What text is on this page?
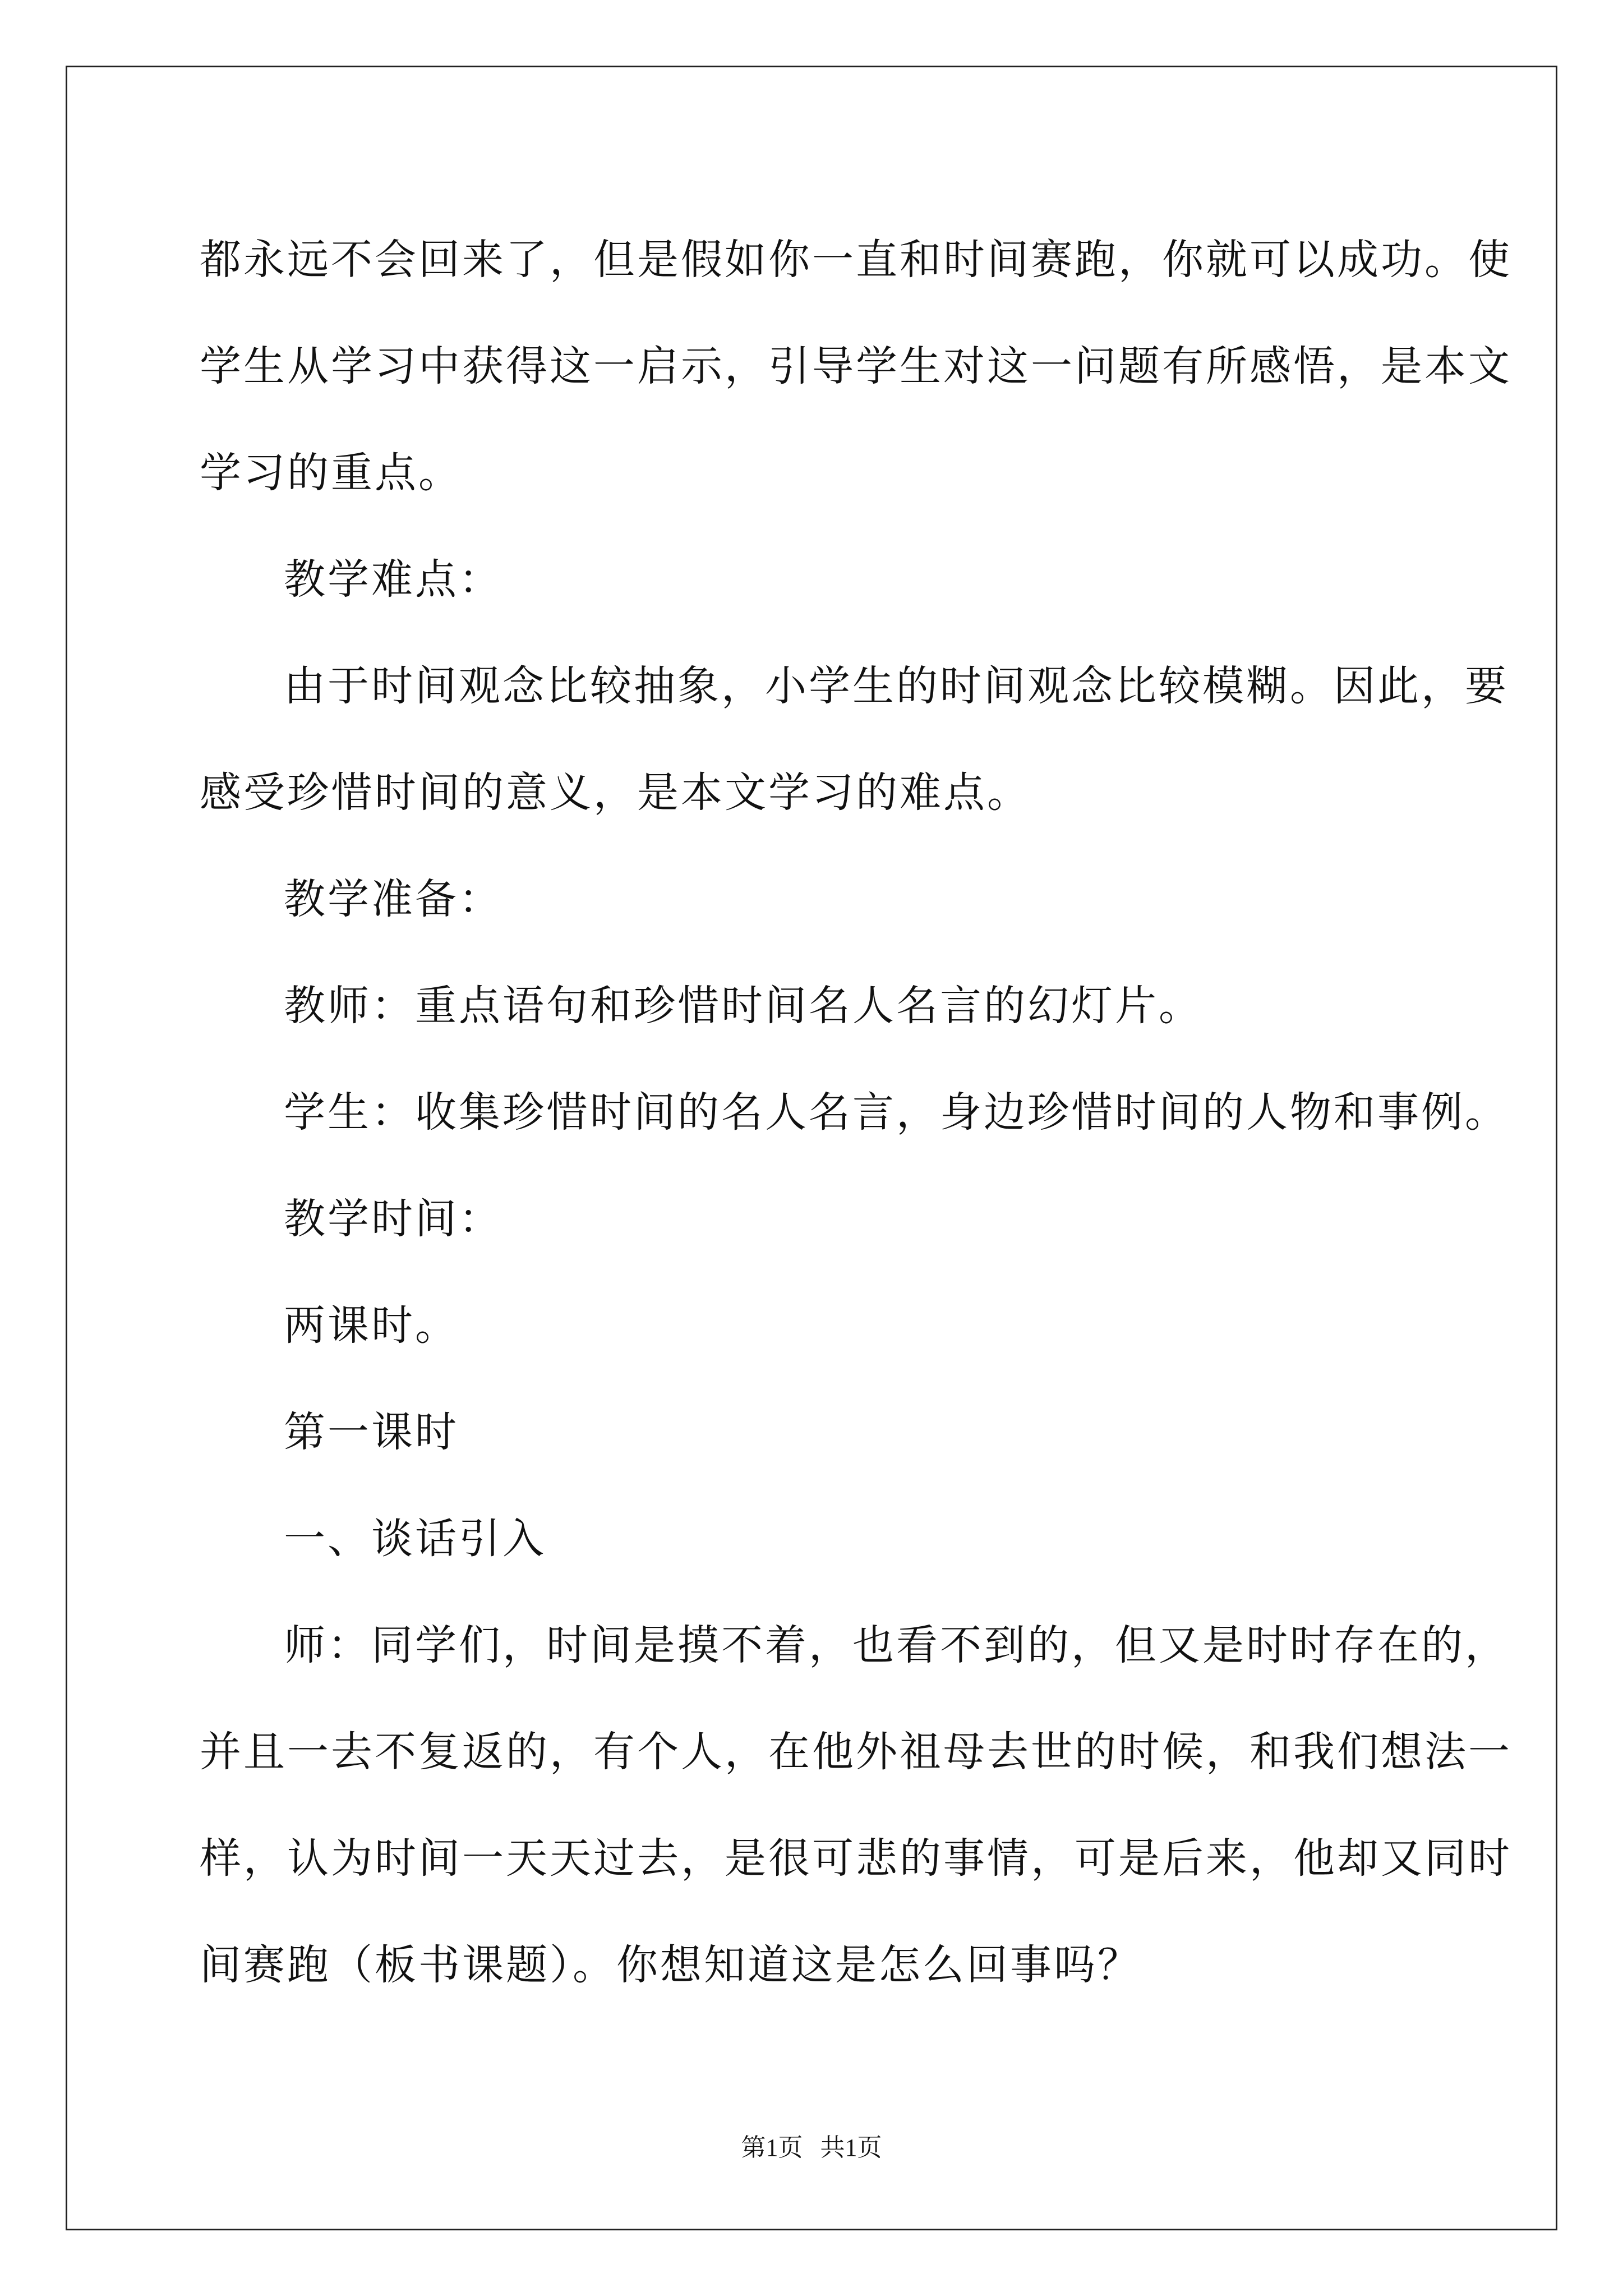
都永远不会回来了，但是假如你一直和时间赛跑，你就可以成功。使

学生从学习中获得这一启示，引导学生对这一问题有所感悟，是本文

学习的重点。

教学难点：

由于时间观念比较抽象，小学生的时间观念比较模糊。因此，要

感受珍惜时间的意义，是本文学习的难点。

教学准备：

教师：重点语句和珍惜时间名人名言的幻灯片。

学生：收集珍惜时间的名人名言，身边珍惜时间的人物和事例。

教学时间：

两课时。

第一课时

一、谈话引入

师：同学们，时间是摸不着，也看不到的，但又是时时存在的，

并且一去不复返的，有个人，在他外祖母去世的时候，和我们想法一

样，认为时间一天天过去，是很可悲的事情，可是后来，他却又同时

间赛跑（板书课题）。你想知道这是怎么回事吗？

第1页 共1页
